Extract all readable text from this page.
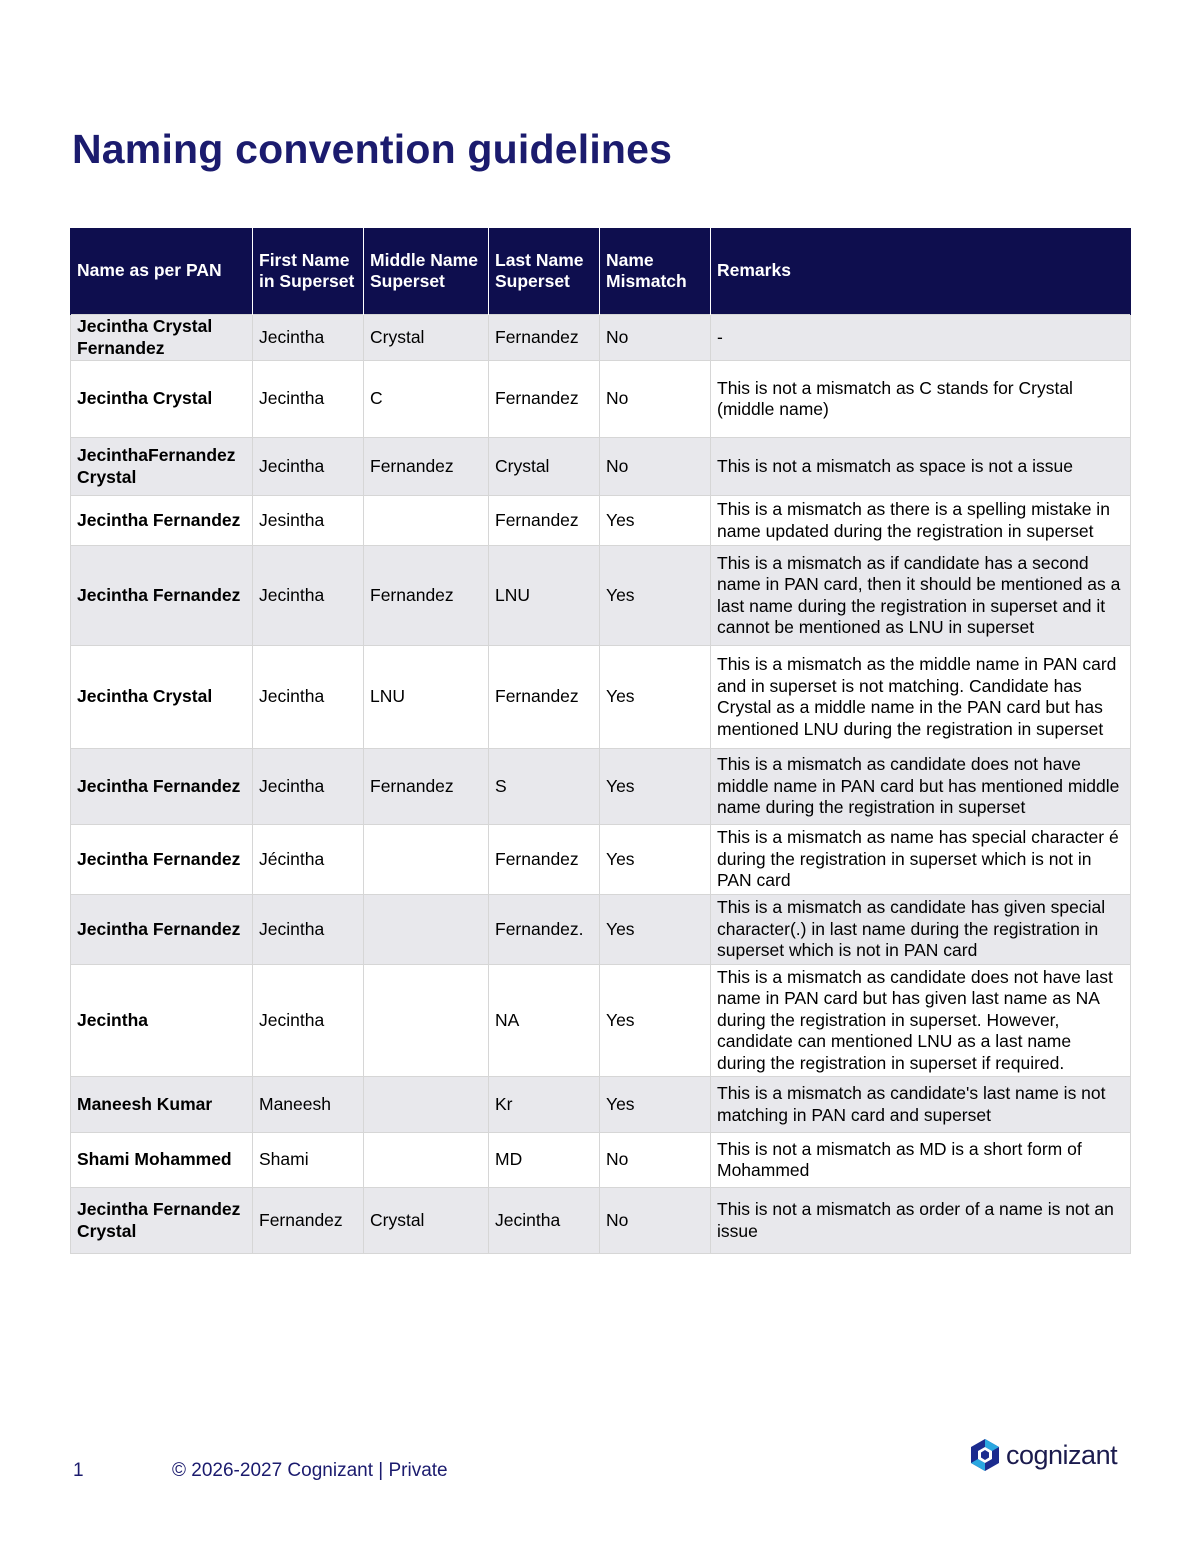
Naming convention guidelines
Name as per PAN	First Name in Superset	Middle Name Superset	Last Name Superset	Name Mismatch	Remarks
Jecintha Crystal Fernandez	Jecintha	Crystal	Fernandez	No	-
Jecintha Crystal	Jecintha	C	Fernandez	No	This is not a mismatch as C stands for Crystal (middle name)
JecinthaFernandez Crystal	Jecintha	Fernandez	Crystal	No	This is not a mismatch as space is not a issue
Jecintha Fernandez	Jesintha		Fernandez	Yes	This is a mismatch as there is a spelling mistake in name updated during the registration in superset
Jecintha Fernandez	Jecintha	Fernandez	LNU	Yes	This is a mismatch as if candidate has a second name in PAN card, then it should be mentioned as a last name during the registration in superset and it cannot be mentioned as LNU in superset
Jecintha Crystal	Jecintha	LNU	Fernandez	Yes	This is a mismatch as the middle name in PAN card and in superset is not matching. Candidate has Crystal as a middle name in the PAN card but has mentioned LNU during the registration in superset
Jecintha Fernandez	Jecintha	Fernandez	S	Yes	This is a mismatch as candidate does not have middle name in PAN card but has mentioned middle name during the registration in superset
Jecintha Fernandez	Jécintha		Fernandez	Yes	This is a mismatch as name has special character é during the registration in superset which is not in PAN card
Jecintha Fernandez	Jecintha		Fernandez.	Yes	This is a mismatch as candidate has given special character(.) in last name during the registration in superset which is not in PAN card
Jecintha	Jecintha		NA	Yes	This is a mismatch as candidate does not have last name in PAN card but has given last name as NA during the registration in superset. However, candidate can mentioned LNU as a last name during the registration in superset if required.
Maneesh Kumar	Maneesh		Kr	Yes	This is a mismatch as candidate's last name is not matching in PAN card and superset
Shami Mohammed	Shami		MD	No	This is not a mismatch as MD is a short form of Mohammed
Jecintha Fernandez Crystal	Fernandez	Crystal	Jecintha	No	This is not a mismatch as order of a name is not an issue
1	© 2026-2027 Cognizant | Private
cognizant
